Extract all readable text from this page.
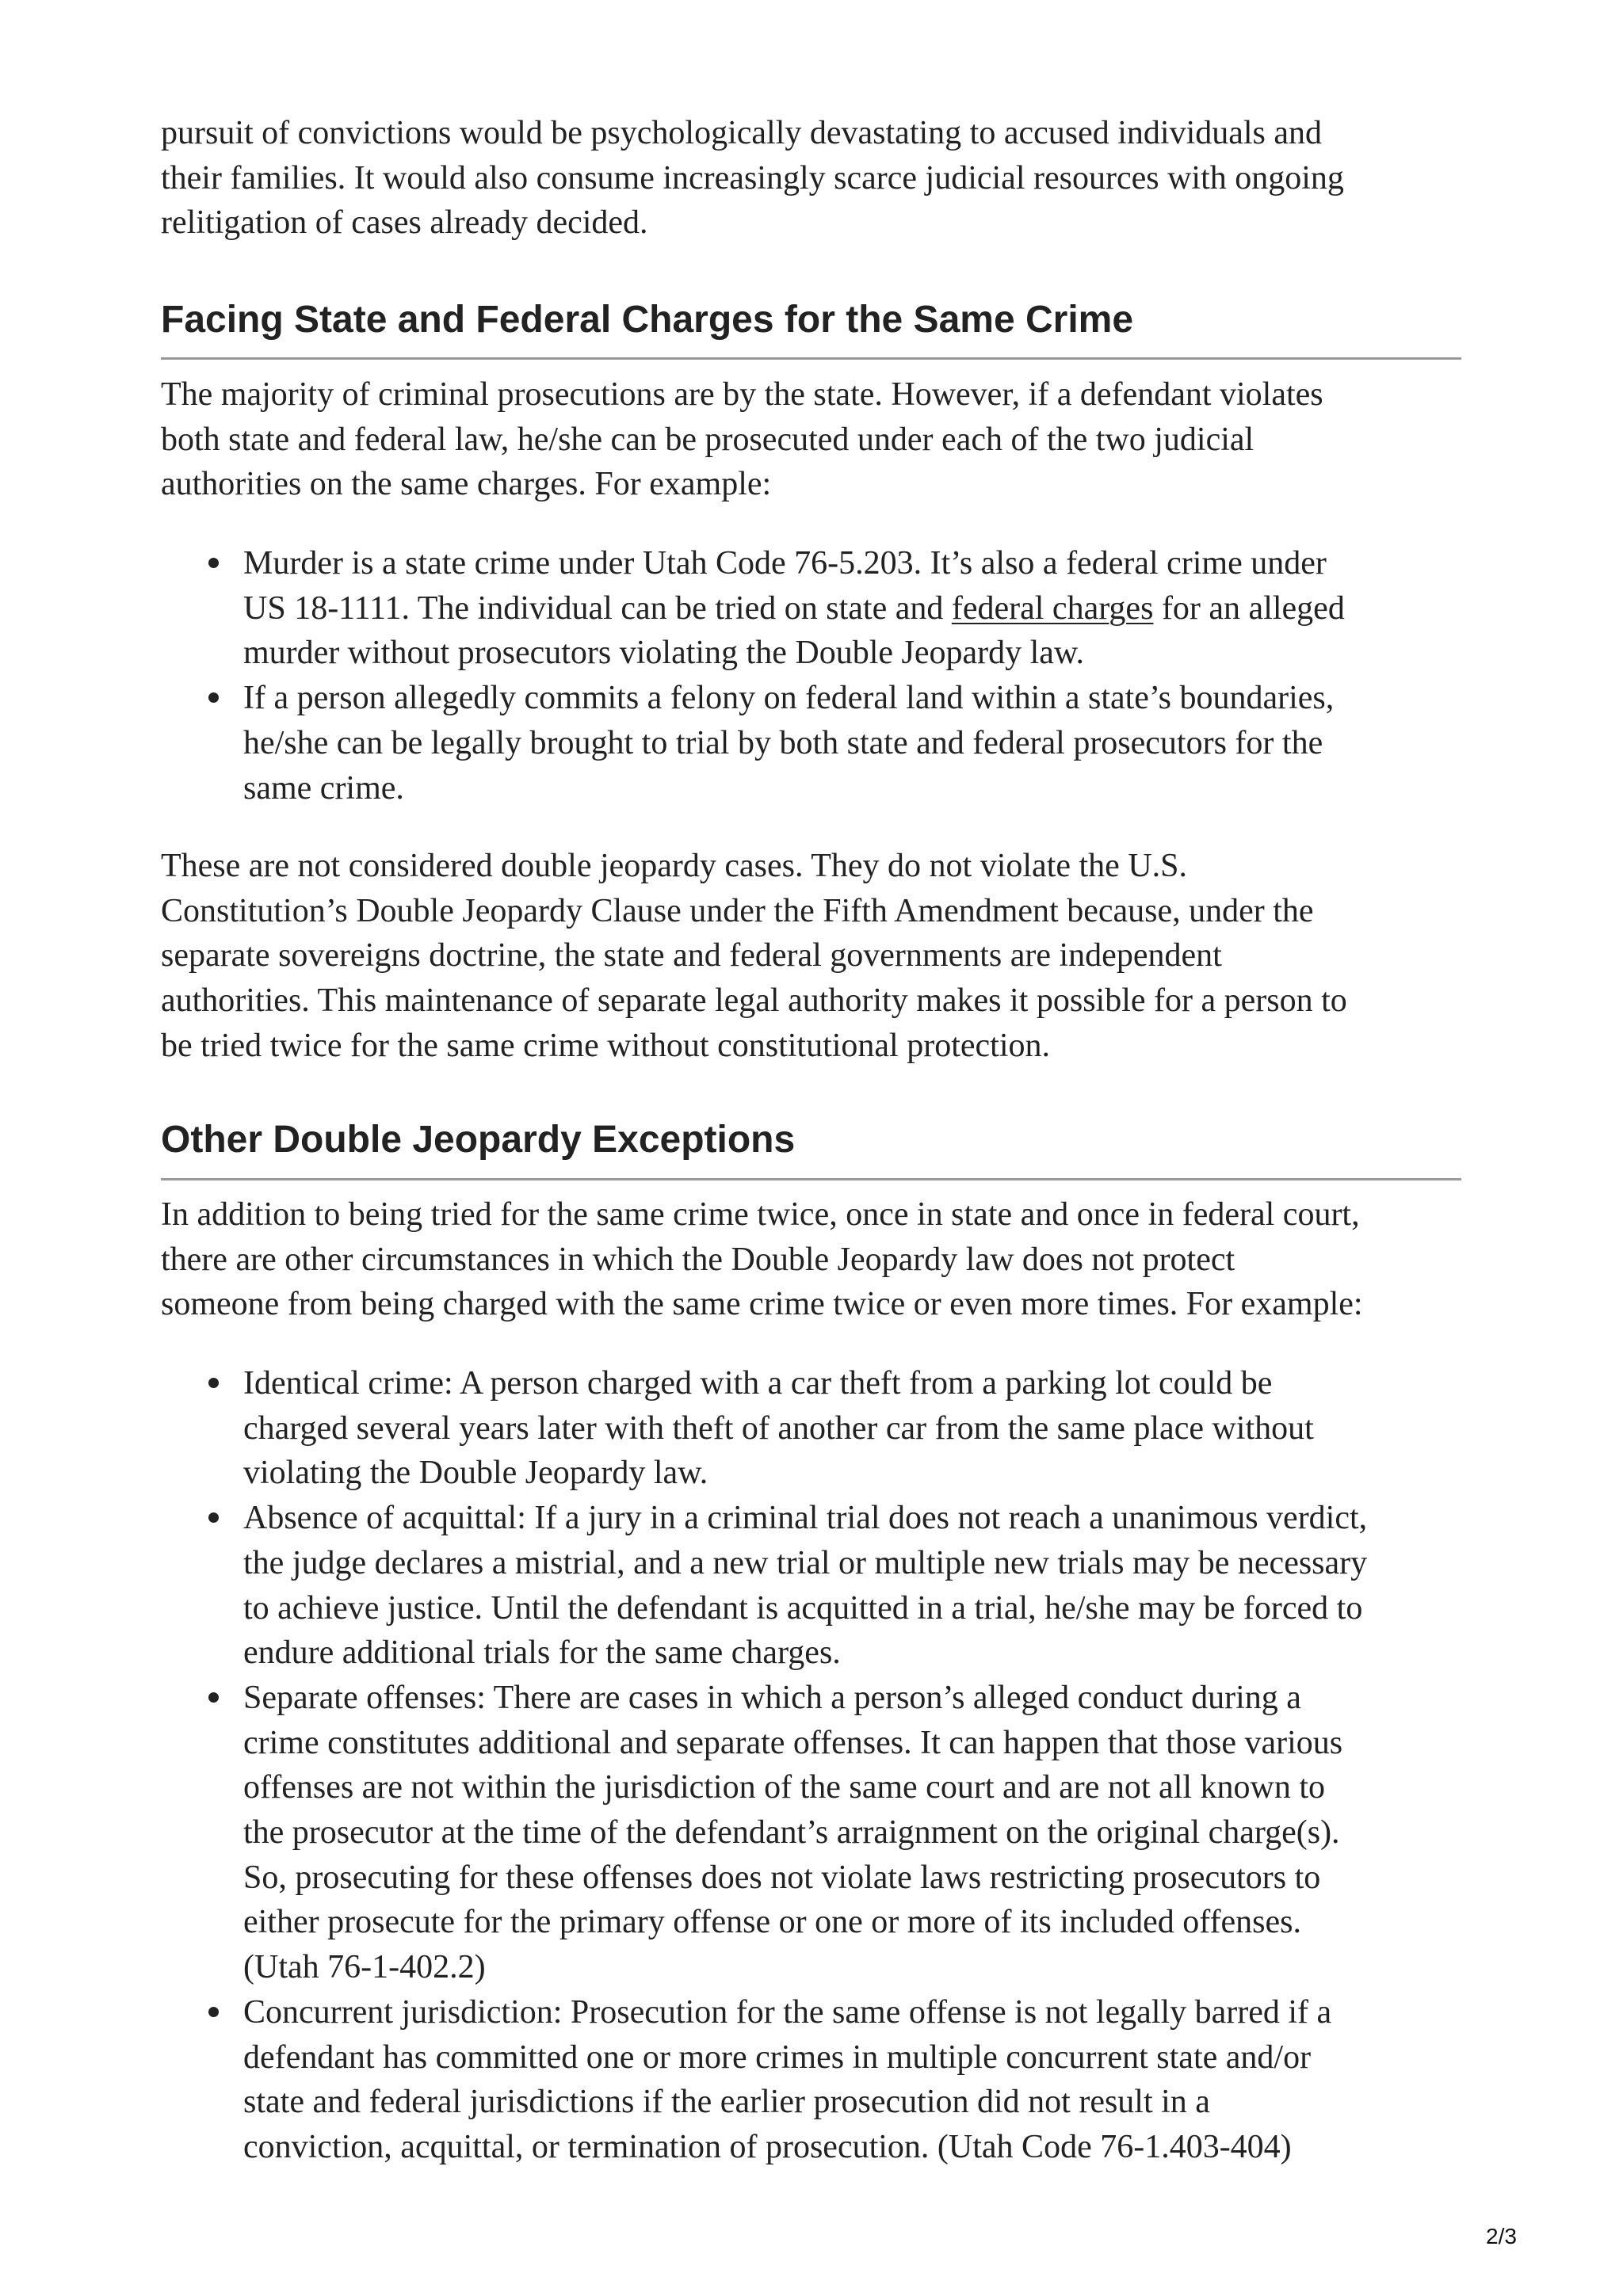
pursuit of convictions would be psychologically devastating to accused individuals and
their families. It would also consume increasingly scarce judicial resources with ongoing
relitigation of cases already decided.
Facing State and Federal Charges for the Same Crime
The majority of criminal prosecutions are by the state. However, if a defendant violates
both state and federal law, he/she can be prosecuted under each of the two judicial
authorities on the same charges. For example:
Murder is a state crime under Utah Code 76-5.203. It’s also a federal crime under
US 18-1111. The individual can be tried on state and federal charges for an alleged
murder without prosecutors violating the Double Jeopardy law.
If a person allegedly commits a felony on federal land within a state’s boundaries,
he/she can be legally brought to trial by both state and federal prosecutors for the
same crime.
These are not considered double jeopardy cases. They do not violate the U.S.
Constitution’s Double Jeopardy Clause under the Fifth Amendment because, under the
separate sovereigns doctrine, the state and federal governments are independent
authorities. This maintenance of separate legal authority makes it possible for a person to
be tried twice for the same crime without constitutional protection.
Other Double Jeopardy Exceptions
In addition to being tried for the same crime twice, once in state and once in federal court,
there are other circumstances in which the Double Jeopardy law does not protect
someone from being charged with the same crime twice or even more times. For example:
Identical crime: A person charged with a car theft from a parking lot could be
charged several years later with theft of another car from the same place without
violating the Double Jeopardy law.
Absence of acquittal: If a jury in a criminal trial does not reach a unanimous verdict,
the judge declares a mistrial, and a new trial or multiple new trials may be necessary
to achieve justice. Until the defendant is acquitted in a trial, he/she may be forced to
endure additional trials for the same charges.
Separate offenses: There are cases in which a person’s alleged conduct during a
crime constitutes additional and separate offenses. It can happen that those various
offenses are not within the jurisdiction of the same court and are not all known to
the prosecutor at the time of the defendant’s arraignment on the original charge(s).
So, prosecuting for these offenses does not violate laws restricting prosecutors to
either prosecute for the primary offense or one or more of its included offenses.
(Utah 76-1-402.2)
Concurrent jurisdiction: Prosecution for the same offense is not legally barred if a
defendant has committed one or more crimes in multiple concurrent state and/or
state and federal jurisdictions if the earlier prosecution did not result in a
conviction, acquittal, or termination of prosecution. (Utah Code 76-1.403-404)
2/3
